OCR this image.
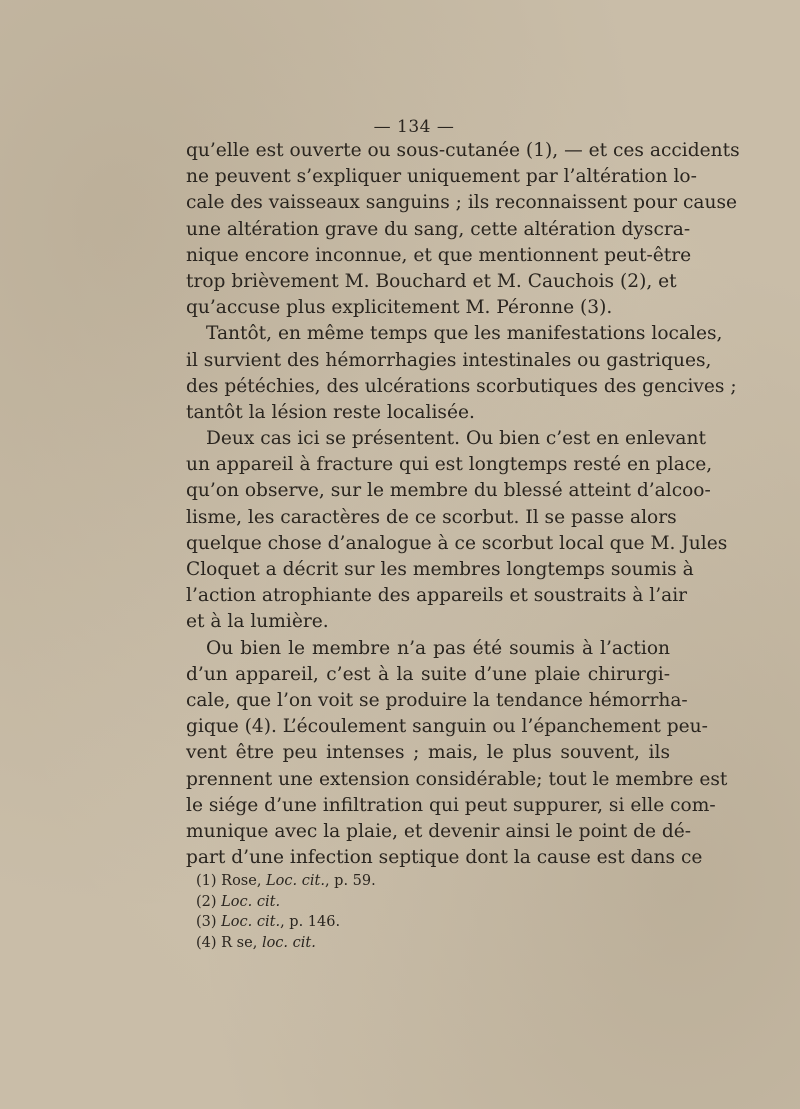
— 134 —
qu’elle est ouverte ou sous-cutanée (1), — et ces accidents
ne peuvent s’expliquer uniquement par l’altération lo-
cale des vaisseaux sanguins ; ils reconnaissent pour cause
une altération grave du sang, cette altération dyscra-
nique encore inconnue, et que mentionnent peut-être
trop brièvement M. Bouchard et M. Cauchois (2), et
qu’accuse plus explicitement M. Péronne (3).
Tantôt, en même temps que les manifestations locales,
il survient des hémorrhagies intestinales ou gastriques,
des pétéchies, des ulcérations scorbutiques des gencives ;
tantôt la lésion reste localisée.
Deux cas ici se présentent. Ou bien c’est en enlevant
un appareil à fracture qui est longtemps resté en place,
qu’on observe, sur le membre du blessé atteint d’alcoo-
lisme, les caractères de ce scorbut. Il se passe alors
quelque chose d’analogue à ce scorbut local que M. Jules
Cloquet a décrit sur les membres longtemps soumis à
l’action atrophiante des appareils et soustraits à l’air
et à la lumière.
Ou bien le membre n’a pas été soumis à l’action
d’un appareil, c’est à la suite d’une plaie chirurgi-
cale, que l’on voit se produire la tendance hémorrha-
gique (4). L’écoulement sanguin ou l’épanchement peu-
vent être peu intenses ; mais, le plus souvent, ils
prennent une extension considérable; tout le membre est
le siége d’une infiltration qui peut suppurer, si elle com-
munique avec la plaie, et devenir ainsi le point de dé-
part d’une infection septique dont la cause est dans ce
(1) Rose, Loc. cit., p. 59.
(2) Loc. cit.
(3) Loc. cit., p. 146.
(4) R se, loc. cit.
